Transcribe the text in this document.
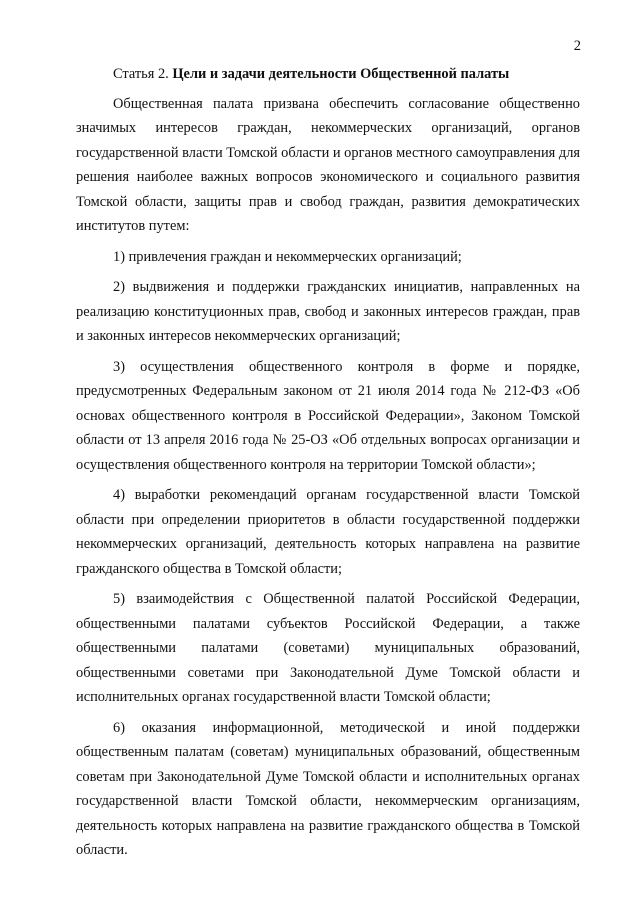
2

Статья 2. Цели и задачи деятельности Общественной палаты

Общественная палата призвана обеспечить согласование общественно значимых интересов граждан, некоммерческих организаций, органов государственной власти Томской области и органов местного самоуправления для решения наиболее важных вопросов экономического и социального развития Томской области, защиты прав и свобод граждан, развития демократических институтов путем:

1) привлечения граждан и некоммерческих организаций;

2) выдвижения и поддержки гражданских инициатив, направленных на реализацию конституционных прав, свобод и законных интересов граждан, прав и законных интересов некоммерческих организаций;

3) осуществления общественного контроля в форме и порядке, предусмотренных Федеральным законом от 21 июля 2014 года № 212-ФЗ «Об основах общественного контроля в Российской Федерации», Законом Томской области от 13 апреля 2016 года № 25-ОЗ «Об отдельных вопросах организации и осуществления общественного контроля на территории Томской области»;

4) выработки рекомендаций органам государственной власти Томской области при определении приоритетов в области государственной поддержки некоммерческих организаций, деятельность которых направлена на развитие гражданского общества в Томской области;

5) взаимодействия с Общественной палатой Российской Федерации, общественными палатами субъектов Российской Федерации, а также общественными палатами (советами) муниципальных образований, общественными советами при Законодательной Думе Томской области и исполнительных органах государственной власти Томской области;

6) оказания информационной, методической и иной поддержки общественным палатам (советам) муниципальных образований, общественным советам при Законодательной Думе Томской области и исполнительных органах государственной власти Томской области, некоммерческим организациям, деятельность которых направлена на развитие гражданского общества в Томской области.
